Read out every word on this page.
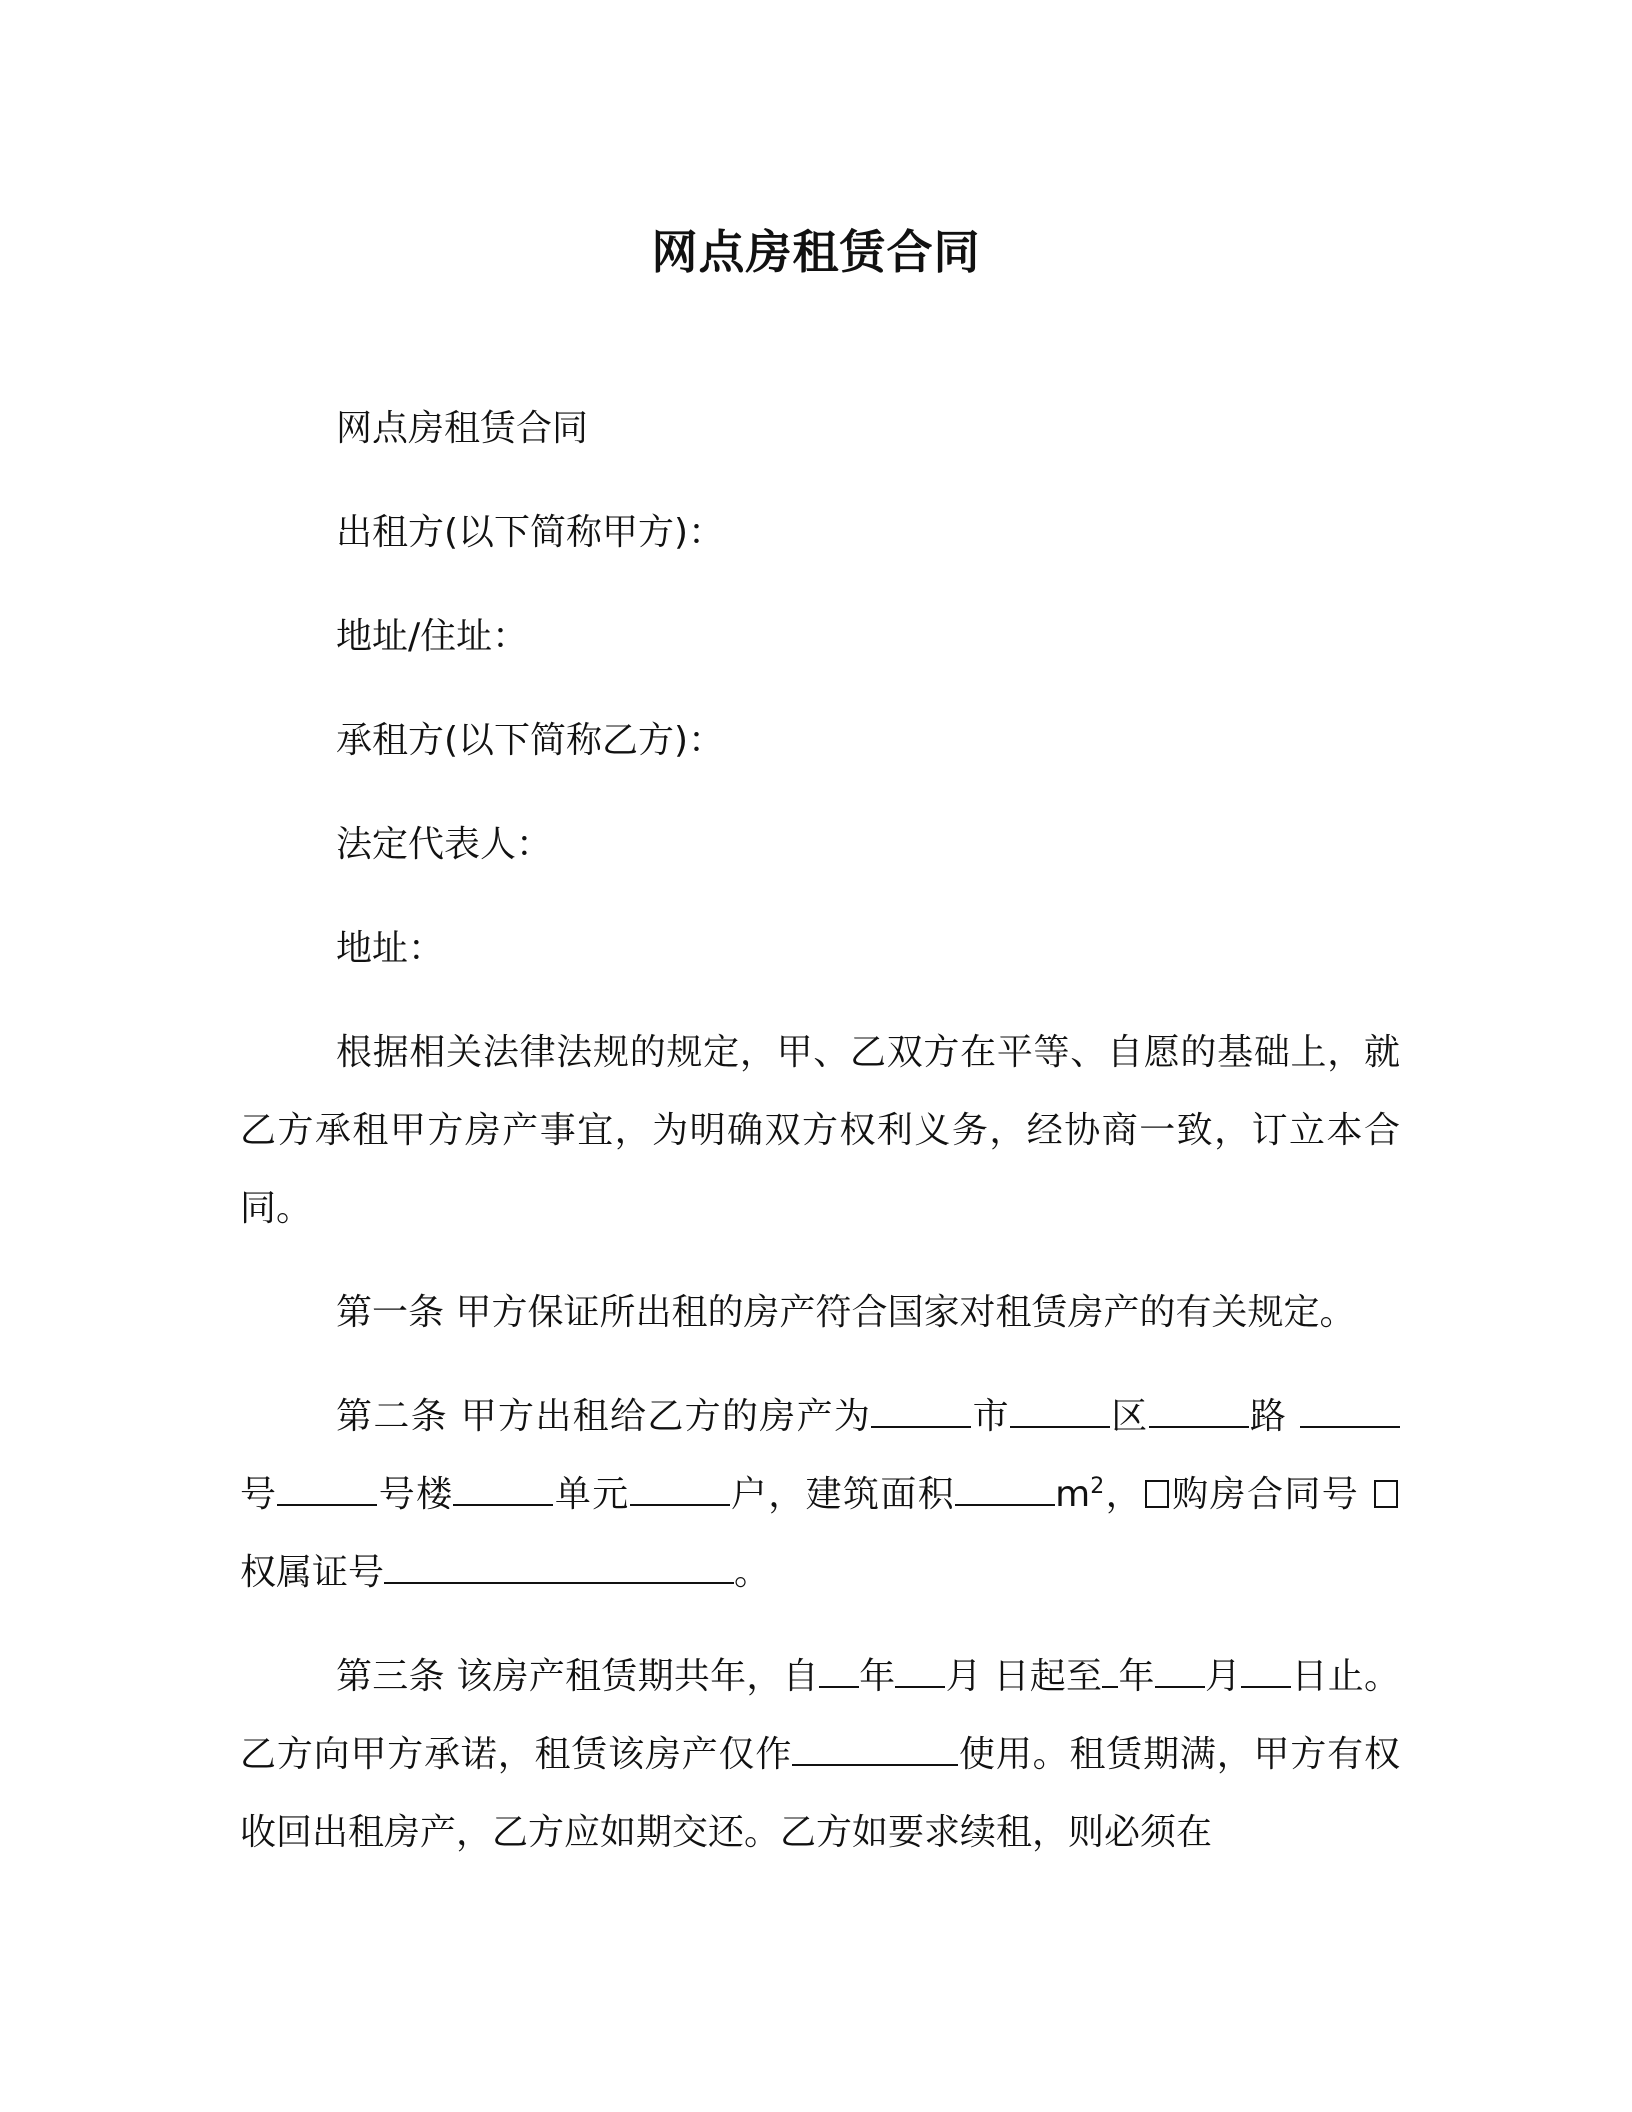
网点房租赁合同

网点房租赁合同

出租方(以下简称甲方)：

地址/住址：

承租方(以下简称乙方)：

法定代表人：

地址：

根据相关法律法规的规定，甲、乙双方在平等、自愿的基础上，就乙方承租甲方房产事宜，为明确双方权利义务，经协商一致，订立本合同。

第一条 甲方保证所出租的房产符合国家对租赁房产的有关规定。

第二条 甲方出租给乙方的房产为	市	区	路 号	号楼	单元	户，建筑面积	$m^2$， 购房合同号 权属证号	。

第三条 该房产租赁期共年，自 年 月 日起至 年 月 日止。乙方向甲方承诺，租赁该房产仅作	使用。租赁期满，甲方有权收回出租房产，乙方应如期交还。乙方如要求续租，则必须在
